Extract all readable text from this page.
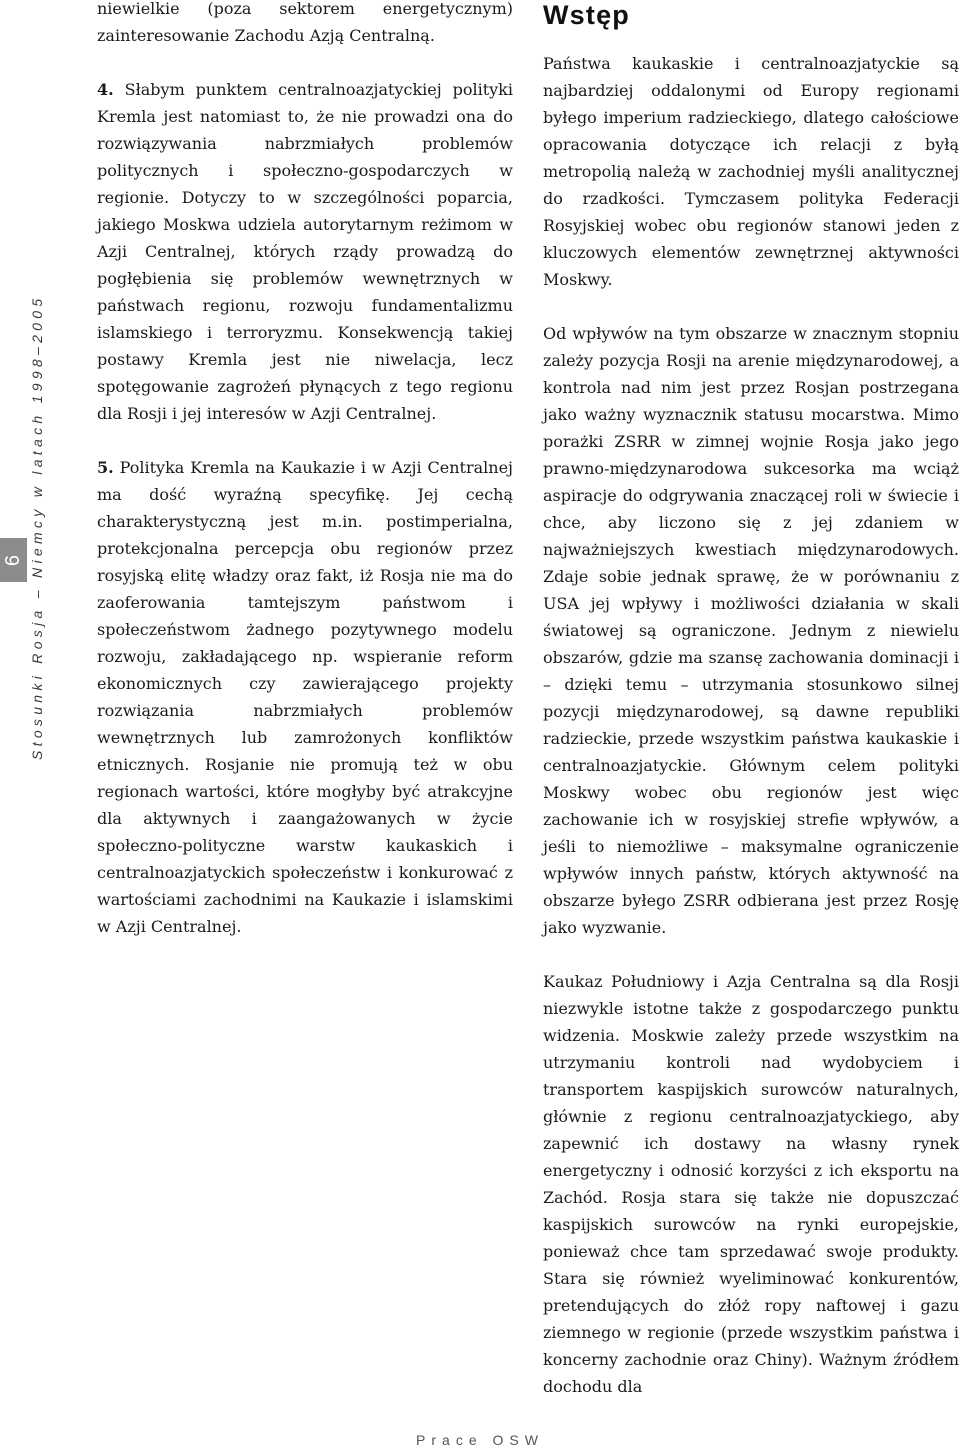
6 Stosunki Rosja – Niemcy w latach 1998–2005

niewielkie (poza sektorem energetycznym) zainteresowanie Zachodu Azją Centralną.

4. Słabym punktem centralnoazjatyckiej polityki Kremla jest natomiast to, że nie prowadzi ona do rozwiązywania nabrzmiałych problemów politycznych i społeczno-gospodarczych w regionie. Dotyczy to w szczególności poparcia, jakiego Moskwa udziela autorytarnym reżimom w Azji Centralnej, których rządy prowadzą do pogłębienia się problemów wewnętrznych w państwach regionu, rozwoju fundamentalizmu islamskiego i terroryzmu. Konsekwencją takiej postawy Kremla jest nie niwelacja, lecz spotęgowanie zagrożeń płynących z tego regionu dla Rosji i jej interesów w Azji Centralnej.

5. Polityka Kremla na Kaukazie i w Azji Centralnej ma dość wyraźną specyfikę. Jej cechą charakterystyczną jest m.in. postimperialna, protekcjonalna percepcja obu regionów przez rosyjską elitę władzy oraz fakt, iż Rosja nie ma do zaoferowania tamtejszym państwom i społeczeństwom żadnego pozytywnego modelu rozwoju, zakładającego np. wspieranie reform ekonomicznych czy zawierającego projekty rozwiązania nabrzmiałych problemów wewnętrznych lub zamrożonych konfliktów etnicznych. Rosjanie nie promują też w obu regionach wartości, które mogłyby być atrakcyjne dla aktywnych i zaangażowanych w życie społeczno-polityczne warstw kaukaskich i centralnoazjatyckich społeczeństw i konkurować z wartościami zachodnimi na Kaukazie i islamskimi w Azji Centralnej.

Wstęp

Państwa kaukaskie i centralnoazjatyckie są najbardziej oddalonymi od Europy regionami byłego imperium radzieckiego, dlatego całościowe opracowania dotyczące ich relacji z byłą metropolią należą w zachodniej myśli analitycznej do rzadkości. Tymczasem polityka Federacji Rosyjskiej wobec obu regionów stanowi jeden z kluczowych elementów zewnętrznej aktywności Moskwy.

Od wpływów na tym obszarze w znacznym stopniu zależy pozycja Rosji na arenie międzynarodowej, a kontrola nad nim jest przez Rosjan postrzegana jako ważny wyznacznik statusu mocarstwa. Mimo porażki ZSRR w zimnej wojnie Rosja jako jego prawno-międzynarodowa sukcesorka ma wciąż aspiracje do odgrywania znaczącej roli w świecie i chce, aby liczono się z jej zdaniem w najważniejszych kwestiach międzynarodowych. Zdaje sobie jednak sprawę, że w porównaniu z USA jej wpływy i możliwości działania w skali światowej są ograniczone. Jednym z niewielu obszarów, gdzie ma szansę zachowania dominacji i – dzięki temu – utrzymania stosunkowo silnej pozycji międzynarodowej, są dawne republiki radzieckie, przede wszystkim państwa kaukaskie i centralnoazjatyckie. Głównym celem polityki Moskwy wobec obu regionów jest więc zachowanie ich w rosyjskiej strefie wpływów, a jeśli to niemożliwe – maksymalne ograniczenie wpływów innych państw, których aktywność na obszarze byłego ZSRR odbierana jest przez Rosję jako wyzwanie.

Kaukaz Południowy i Azja Centralna są dla Rosji niezwykle istotne także z gospodarczego punktu widzenia. Moskwie zależy przede wszystkim na utrzymaniu kontroli nad wydobyciem i transportem kaspijskich surowców naturalnych, głównie z regionu centralnoazjatyckiego, aby zapewnić ich dostawy na własny rynek energetyczny i odnosić korzyści z ich eksportu na Zachód. Rosja stara się także nie dopuszczać kaspijskich surowców na rynki europejskie, ponieważ chce tam sprzedawać swoje produkty. Stara się również wyeliminować konkurentów, pretendujących do złóż ropy naftowej i gazu ziemnego w regionie (przede wszystkim państwa i koncerny zachodnie oraz Chiny). Ważnym źródłem dochodu dla

Prace OSW
